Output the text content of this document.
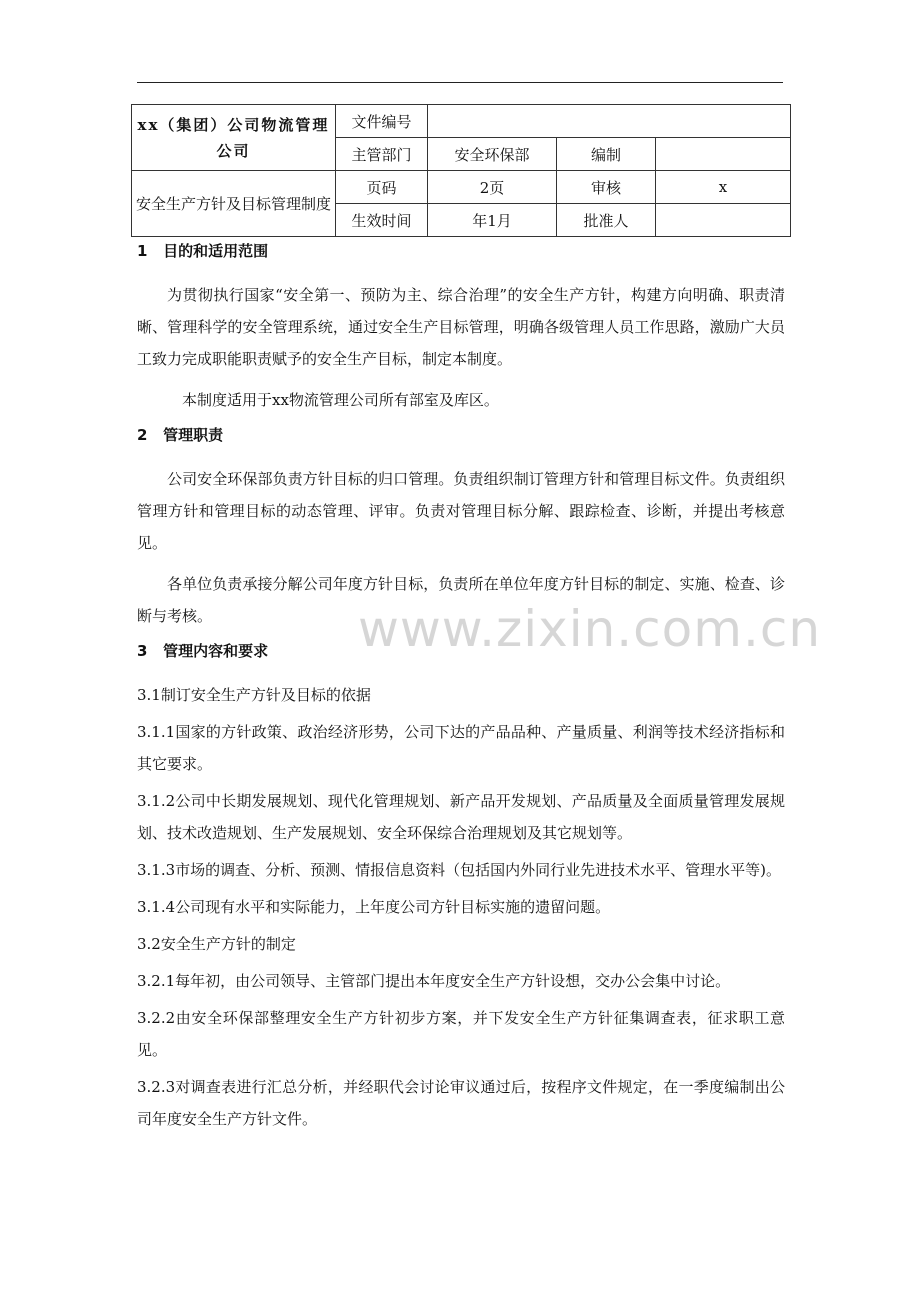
xx（集团）公司物流管理公司	文件编号			
	主管部门	安全环保部	编制	
安全生产方针及目标管理制度	页码	2页	审核	x
	生效时间	年1月	批准人	
1   目的和适用范围

为贯彻执行国家“安全第一、预防为主、综合治理”的安全生产方针，构建方向明确、职责清晰、管理科学的安全管理系统，通过安全生产目标管理，明确各级管理人员工作思路，激励广大员工致力完成职能职责赋予的安全生产目标，制定本制度。

本制度适用于xx物流管理公司所有部室及库区。

2   管理职责

公司安全环保部负责方针目标的归口管理。负责组织制订管理方针和管理目标文件。负责组织管理方针和管理目标的动态管理、评审。负责对管理目标分解、跟踪检查、诊断，并提出考核意见。

各单位负责承接分解公司年度方针目标，负责所在单位年度方针目标的制定、实施、检查、诊断与考核。

3   管理内容和要求

3.1制订安全生产方针及目标的依据

3.1.1国家的方针政策、政治经济形势，公司下达的产品品种、产量质量、利润等技术经济指标和其它要求。

3.1.2公司中长期发展规划、现代化管理规划、新产品开发规划、产品质量及全面质量管理发展规划、技术改造规划、生产发展规划、安全环保综合治理规划及其它规划等。

3.1.3市场的调查、分析、预测、情报信息资料（包括国内外同行业先进技术水平、管理水平等)。

3.1.4公司现有水平和实际能力，上年度公司方针目标实施的遗留问题。

3.2安全生产方针的制定

3.2.1每年初，由公司领导、主管部门提出本年度安全生产方针设想，交办公会集中讨论。

3.2.2由安全环保部整理安全生产方针初步方案，并下发安全生产方针征集调查表，征求职工意见。

3.2.3对调查表进行汇总分析，并经职代会讨论审议通过后，按程序文件规定，在一季度编制出公司年度安全生产方针文件。

www.zixin.com.cn
